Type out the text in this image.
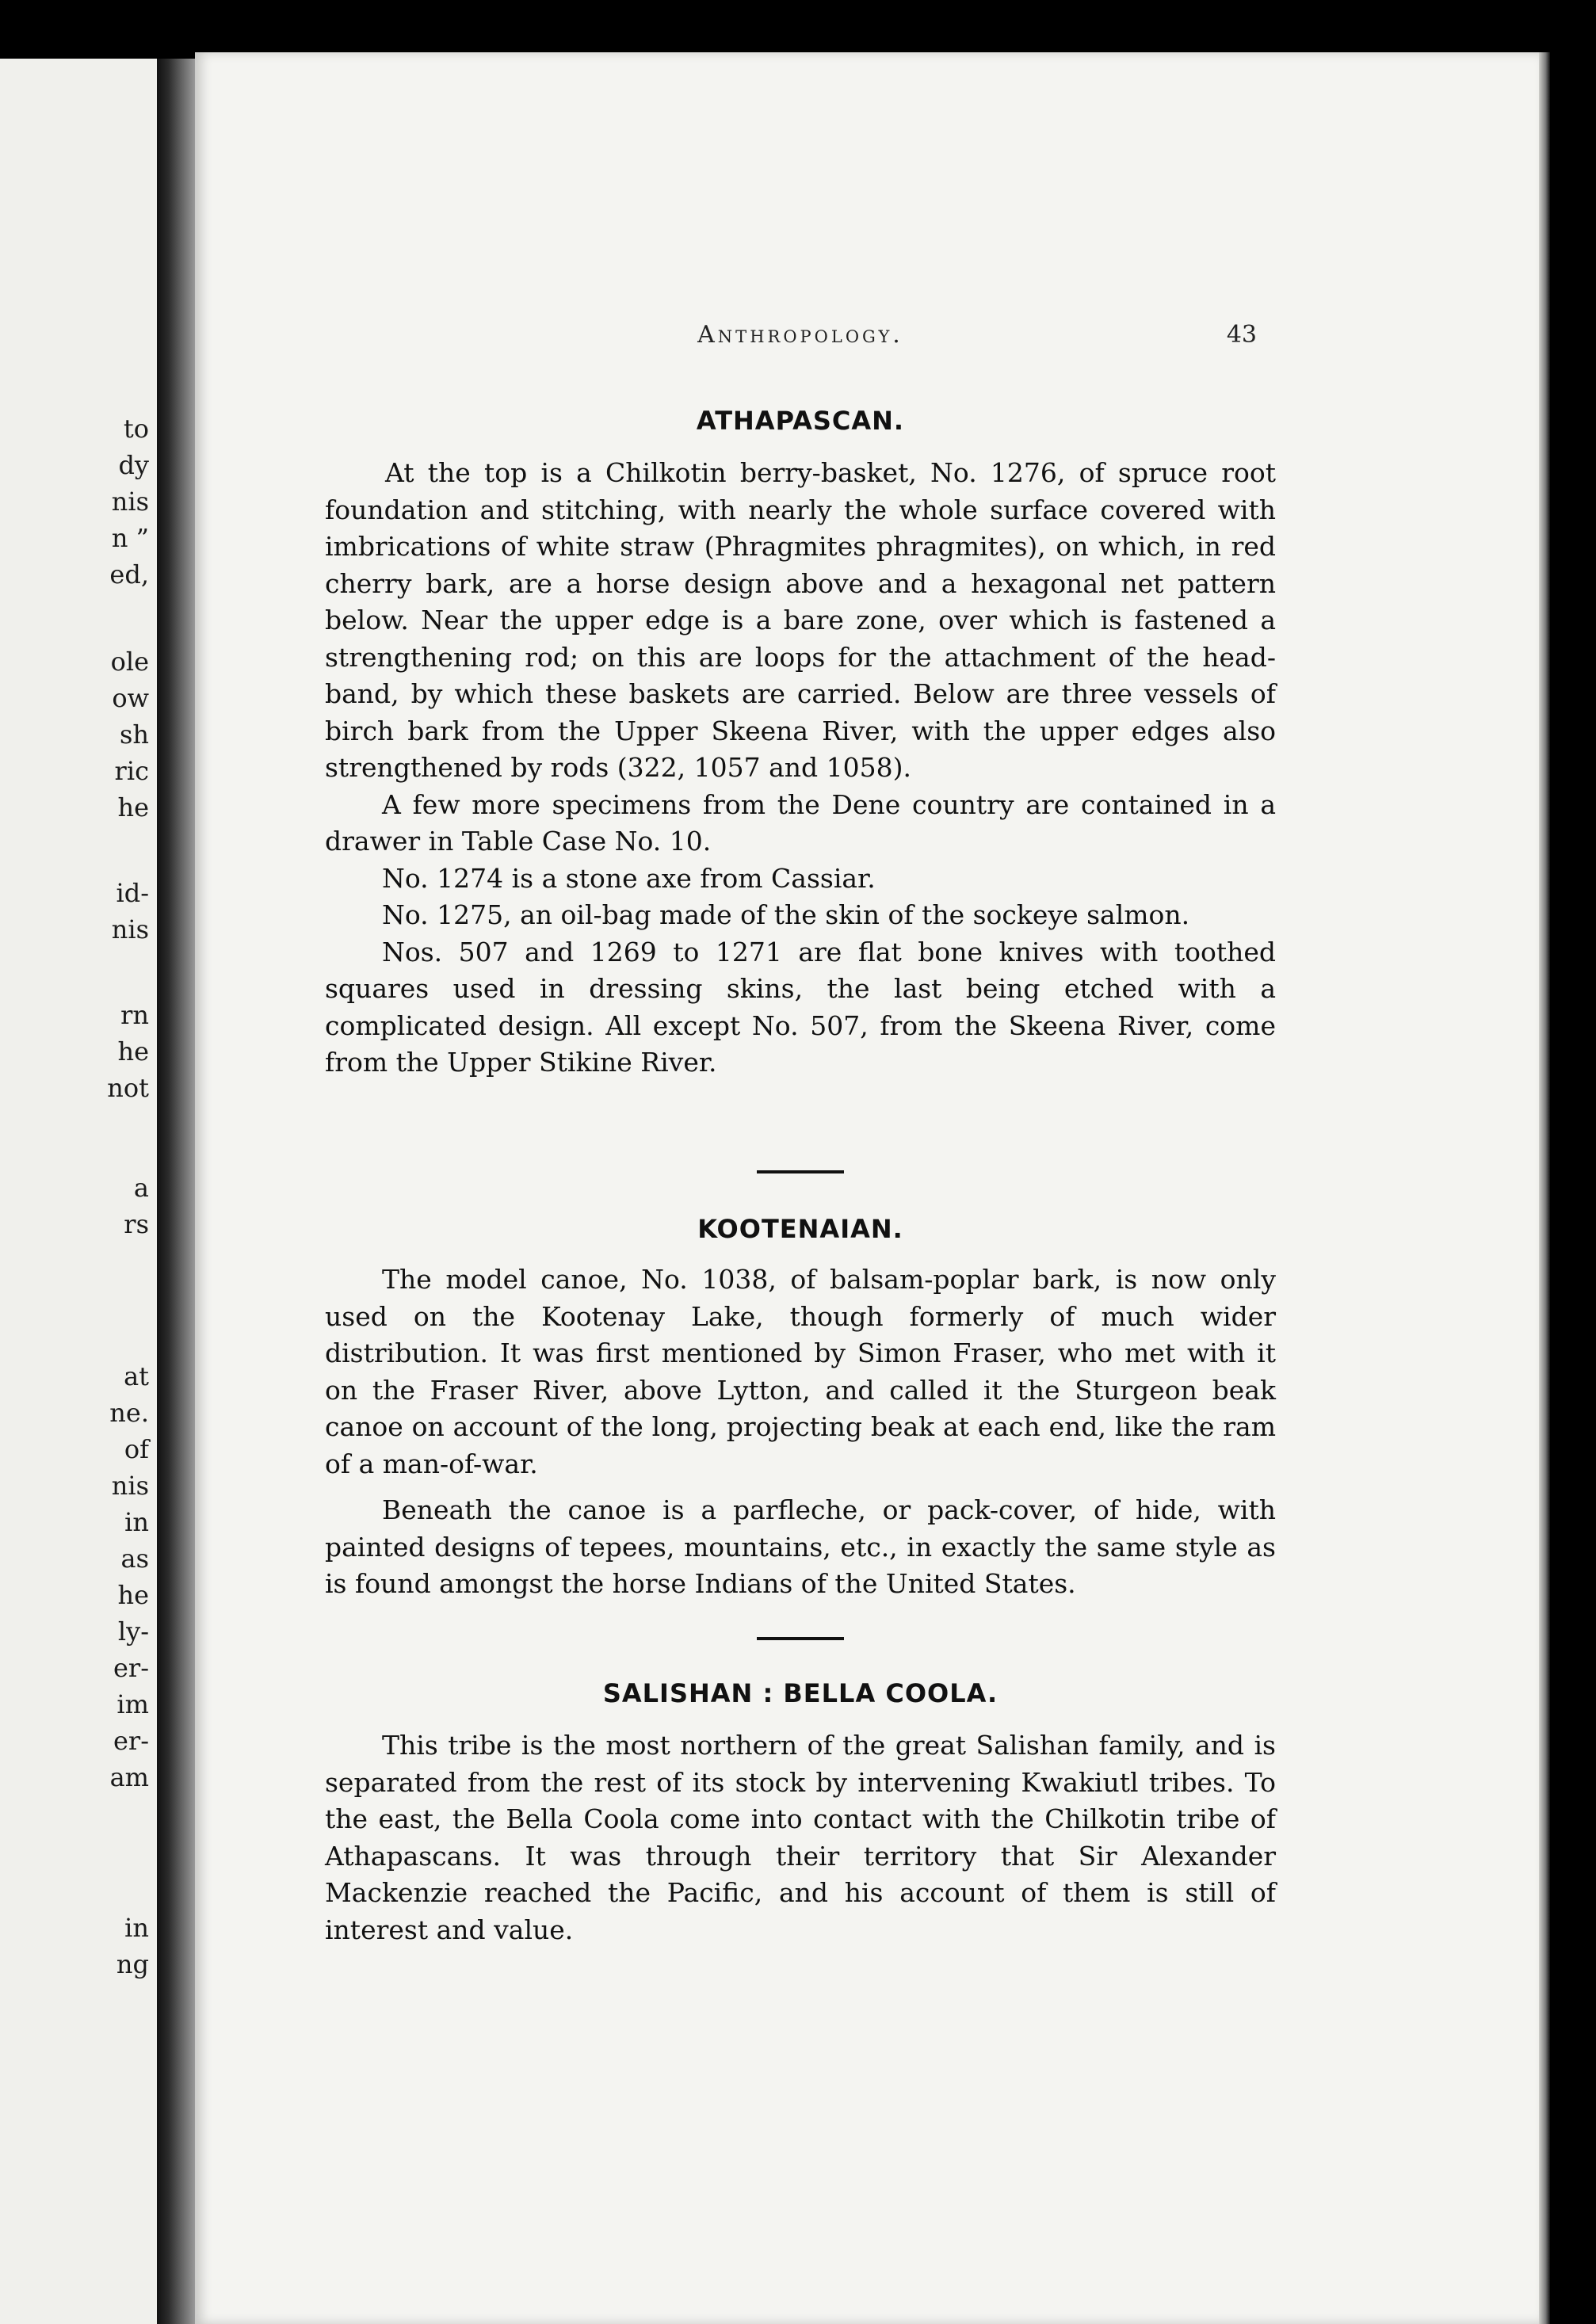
to

dy

nis

n ”

ed,

ole

ow

sh

ric

he

id-

nis

rn

he

not

a

rs

at

ne.

of

nis

in

as

he

ly-

er-

im

er-

am

in

ng

Anthropology.	43
ATHAPASCAN.

At the top is a Chilkotin berry-basket, No. 1276, of spruce root foundation and stitching, with nearly the whole surface covered with imbrications of white straw (Phragmites phragmites), on which, in red cherry bark, are a horse design above and a hexagonal net pattern below. Near the upper edge is a bare zone, over which is fastened a strengthening rod; on this are loops for the attachment of the head-band, by which these baskets are carried. Below are three vessels of birch bark from the Upper Skeena River, with the upper edges also strengthened by rods (322, 1057 and 1058).

A few more specimens from the Dene country are contained in a drawer in Table Case No. 10.

No. 1274 is a stone axe from Cassiar.

No. 1275, an oil-bag made of the skin of the sockeye salmon.

Nos. 507 and 1269 to 1271 are flat bone knives with toothed squares used in dressing skins, the last being etched with a complicated design. All except No. 507, from the Skeena River, come from the Upper Stikine River.

KOOTENAIAN.

The model canoe, No. 1038, of balsam-poplar bark, is now only used on the Kootenay Lake, though formerly of much wider distribution. It was first mentioned by Simon Fraser, who met with it on the Fraser River, above Lytton, and called it the Sturgeon beak canoe on account of the long, projecting beak at each end, like the ram of a man-of-war.

Beneath the canoe is a parfleche, or pack-cover, of hide, with painted designs of tepees, mountains, etc., in exactly the same style as is found amongst the horse Indians of the United States.

SALISHAN : BELLA COOLA.

This tribe is the most northern of the great Salishan family, and is separated from the rest of its stock by intervening Kwakiutl tribes. To the east, the Bella Coola come into contact with the Chilkotin tribe of Athapascans. It was through their territory that Sir Alexander Mackenzie reached the Pacific, and his account of them is still of interest and value.
